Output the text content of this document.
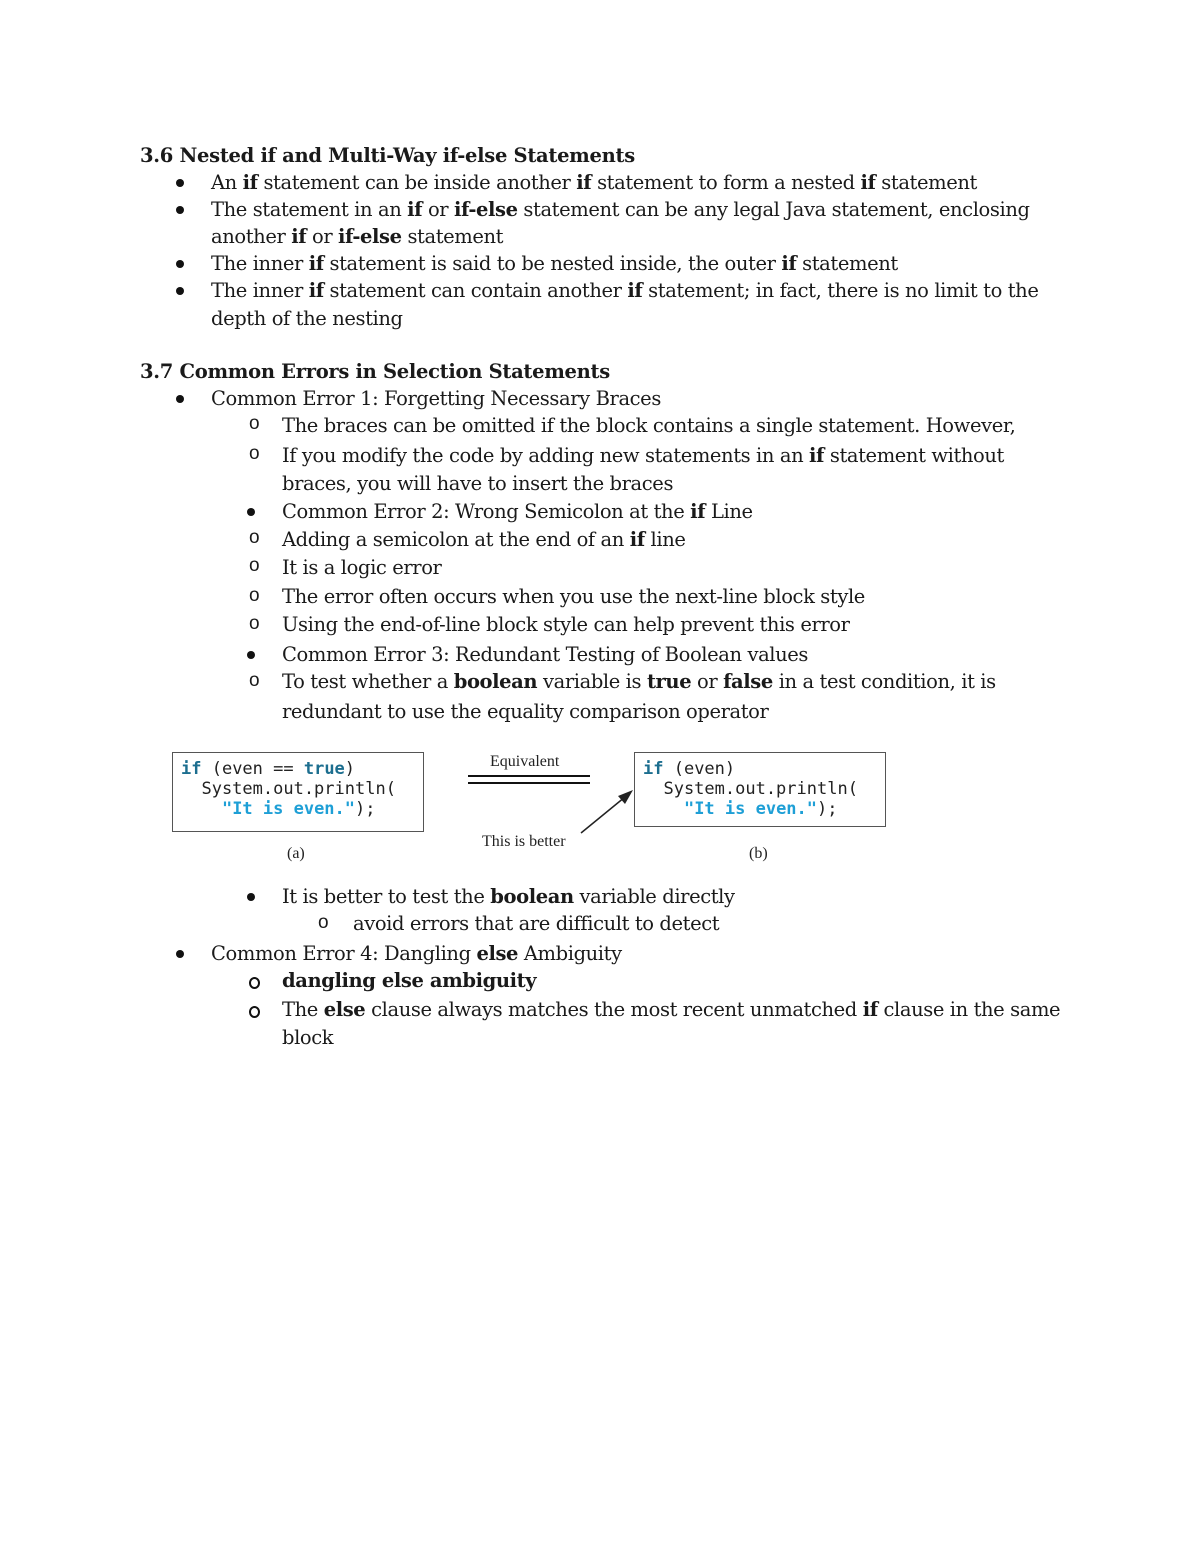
3.6 Nested if and Multi-Way if-else Statements
An if statement can be inside another if statement to form a nested if statement
The statement in an if or if-else statement can be any legal Java statement, enclosing
another if or if-else statement
The inner if statement is said to be nested inside, the outer if statement
The inner if statement can contain another if statement; in fact, there is no limit to the
depth of the nesting
3.7 Common Errors in Selection Statements
Common Error 1: Forgetting Necessary Braces
o The braces can be omitted if the block contains a single statement. However,
o If you modify the code by adding new statements in an if statement without
braces, you will have to insert the braces
Common Error 2: Wrong Semicolon at the if Line
o Adding a semicolon at the end of an if line
o It is a logic error
o The error often occurs when you use the next-line block style
o Using the end-of-line block style can help prevent this error
Common Error 3: Redundant Testing of Boolean values
o To test whether a boolean variable is true or false in a test condition, it is
redundant to use the equality comparison operator
if (even == true)
System.out.println(
"It is even.");
(a)
Equivalent
This is better
if (even)
System.out.println(
"It is even.");
(b)
It is better to test the boolean variable directly
o avoid errors that are difficult to detect
Common Error 4: Dangling else Ambiguity
dangling else ambiguity
The else clause always matches the most recent unmatched if clause in the same
block
